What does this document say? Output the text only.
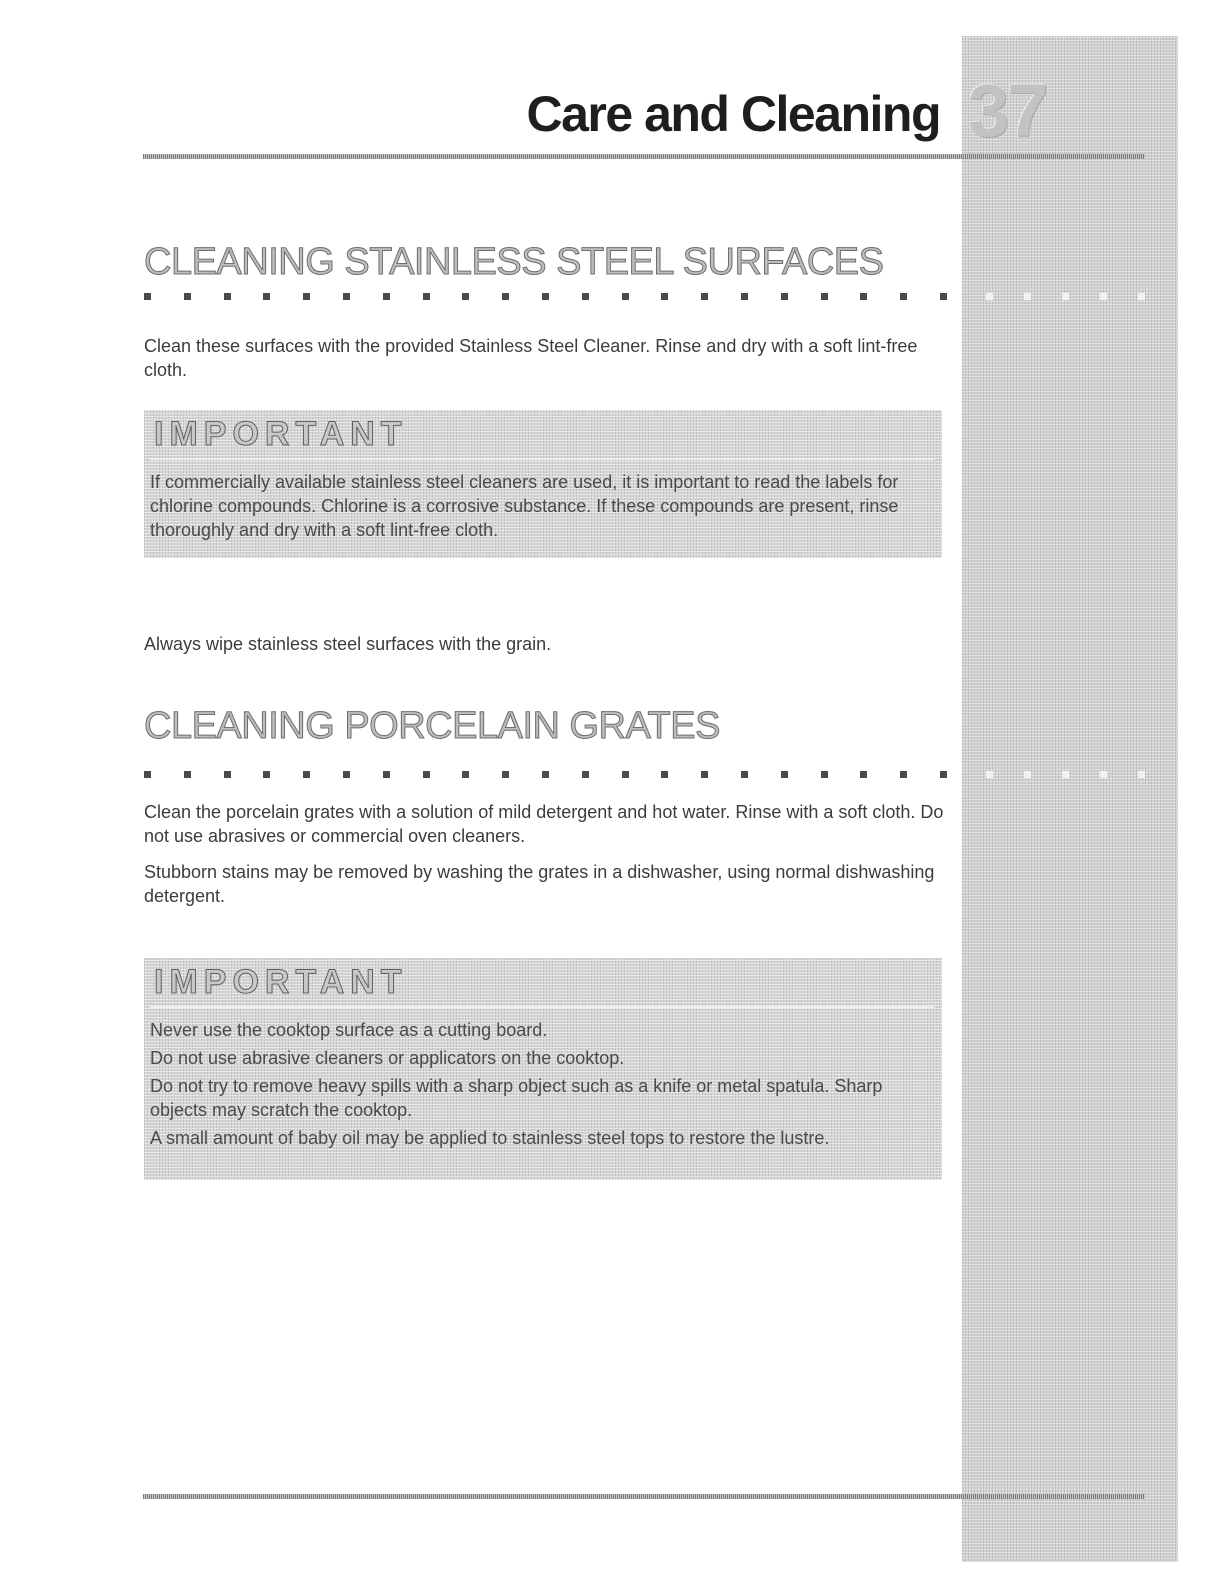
Care and Cleaning 37
CLEANING STAINLESS STEEL SURFACES

Clean these surfaces with the provided Stainless Steel Cleaner. Rinse and dry with a soft lint-free cloth.

IMPORTANT

If commercially available stainless steel cleaners are used, it is important to read the labels for chlorine compounds. Chlorine is a corrosive substance. If these compounds are present, rinse thoroughly and dry with a soft lint-free cloth.

Always wipe stainless steel surfaces with the grain.

CLEANING PORCELAIN GRATES

Clean the porcelain grates with a solution of mild detergent and hot water. Rinse with a soft cloth. Do not use abrasives or commercial oven cleaners.

Stubborn stains may be removed by washing the grates in a dishwasher, using normal dishwashing detergent.

IMPORTANT

Never use the cooktop surface as a cutting board.

Do not use abrasive cleaners or applicators on the cooktop.

Do not try to remove heavy spills with a sharp object such as a knife or metal spatula. Sharp objects may scratch the cooktop.

A small amount of baby oil may be applied to stainless steel tops to restore the lustre.
